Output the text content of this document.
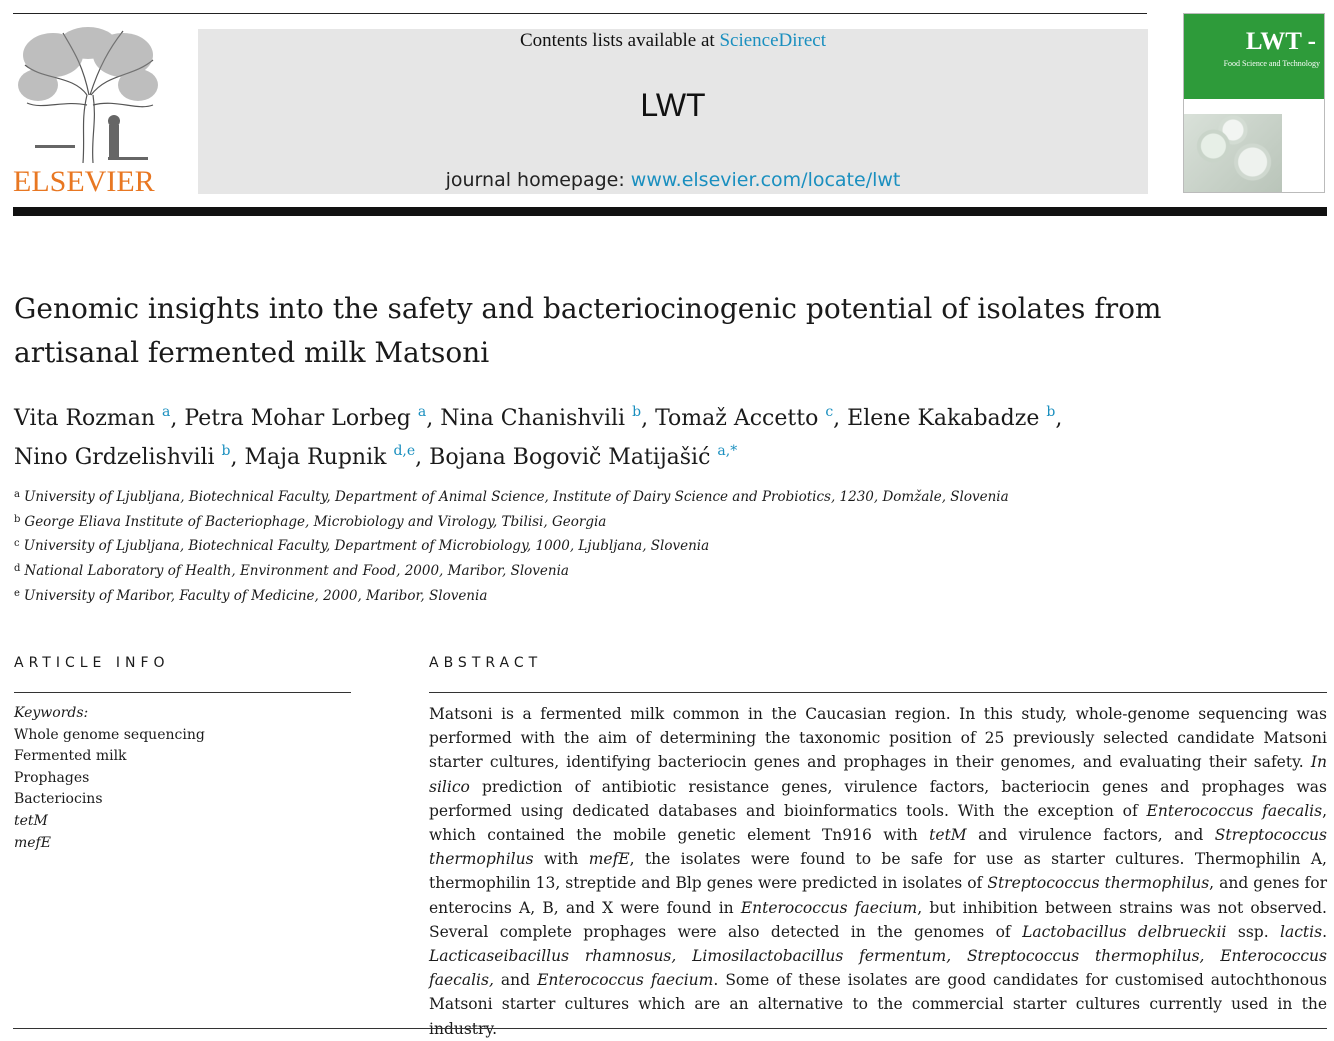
ELSEVIER
Contents lists available at ScienceDirect
LWT
journal homepage: www.elsevier.com/locate/lwt
LWT -
Food Science and Technology
Genomic insights into the safety and bacteriocinogenic potential of isolates from artisanal fermented milk Matsoni
Vita Rozman $^a$, Petra Mohar Lorbeg $^a$, Nina Chanishvili $^b$, Tomaž Accetto $^c$, Elene Kakabadze $^b$,
Nino Grdzelishvili $^b$, Maja Rupnik $^{d,e}$, Bojana Bogovič Matijašić $^{a,*}$
$^a$ University of Ljubljana, Biotechnical Faculty, Department of Animal Science, Institute of Dairy Science and Probiotics, 1230, Domžale, Slovenia
$^b$ George Eliava Institute of Bacteriophage, Microbiology and Virology, Tbilisi, Georgia
$^c$ University of Ljubljana, Biotechnical Faculty, Department of Microbiology, 1000, Ljubljana, Slovenia
$^d$ National Laboratory of Health, Environment and Food, 2000, Maribor, Slovenia
$^e$ University of Maribor, Faculty of Medicine, 2000, Maribor, Slovenia
ARTICLE INFO	ABSTRACT
Keywords:
Whole genome sequencing
Fermented milk
Prophages
Bacteriocins
tetM
mefE
Matsoni is a fermented milk common in the Caucasian region. In this study, whole-genome sequencing was performed with the aim of determining the taxonomic position of 25 previously selected candidate Matsoni starter cultures, identifying bacteriocin genes and prophages in their genomes, and evaluating their safety. In silico prediction of antibiotic resistance genes, virulence factors, bacteriocin genes and prophages was performed using dedicated databases and bioinformatics tools. With the exception of Enterococcus faecalis, which contained the mobile genetic element Tn916 with tetM and virulence factors, and Streptococcus thermophilus with mefE, the isolates were found to be safe for use as starter cultures. Thermophilin A, thermophilin 13, streptide and Blp genes were predicted in isolates of Streptococcus thermophilus, and genes for enterocins A, B, and X were found in Enterococcus faecium, but inhibition between strains was not observed. Several complete prophages were also detected in the genomes of Lactobacillus delbrueckii ssp. lactis. Lacticaseibacillus rhamnosus, Limosilactobacillus fermentum, Streptococcus thermophilus, Enterococcus faecalis, and Enterococcus faecium. Some of these isolates are good candidates for customised autochthonous Matsoni starter cultures which are an alternative to the commercial starter cultures currently used in the industry.
